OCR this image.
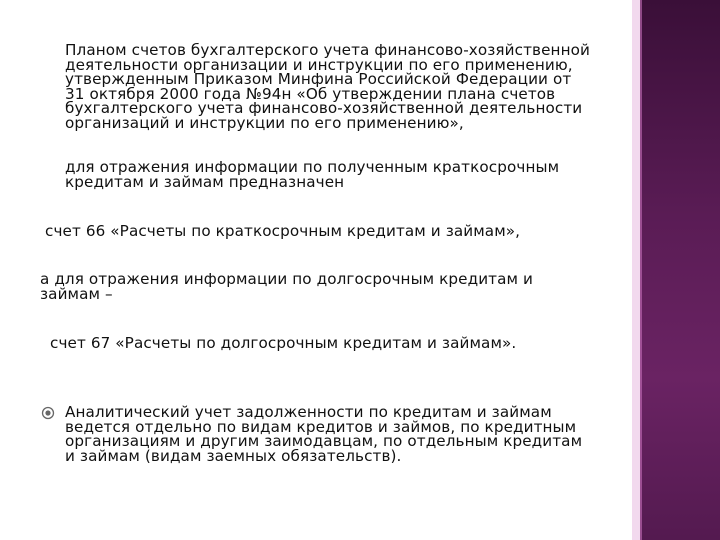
Планом счетов бухгалтерского учета финансово-хозяйственной
деятельности организации и инструкции по его применению,
утвержденным Приказом Минфина Российской Федерации от
31 октября 2000 года №94н «Об утверждении плана счетов
бухгалтерского учета финансово-хозяйственной деятельности
организаций и инструкции по его применению»,

для отражения информации по полученным краткосрочным
кредитам и займам предназначен

счет 66 «Расчеты по краткосрочным кредитам и займам»,

а для отражения информации по долгосрочным кредитам и
займам –

счет 67 «Расчеты по долгосрочным кредитам и займам».

Аналитический учет задолженности по кредитам и займам
ведется отдельно по видам кредитов и займов, по кредитным
организациям и другим заимодавцам, по отдельным кредитам
и займам (видам заемных обязательств).
